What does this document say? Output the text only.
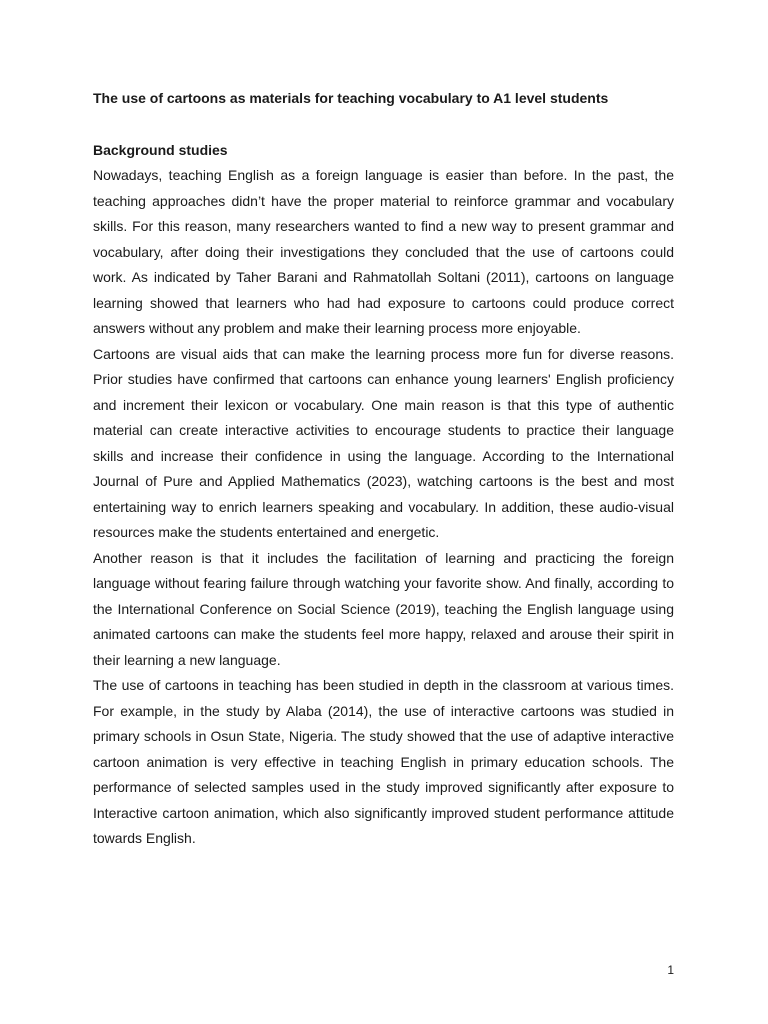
The use of cartoons as materials for teaching vocabulary to A1 level students
Background studies

Nowadays, teaching English as a foreign language is easier than before. In the past, the teaching approaches didn’t have the proper material to reinforce grammar and vocabulary skills. For this reason, many researchers wanted to find a new way to present grammar and vocabulary, after doing their investigations they concluded that the use of cartoons could work. As indicated by Taher Barani and Rahmatollah Soltani (2011), cartoons on language learning showed that learners who had had exposure to cartoons could produce correct answers without any problem and make their learning process more enjoyable.

Cartoons are visual aids that can make the learning process more fun for diverse reasons. Prior studies have confirmed that cartoons can enhance young learners' English proficiency and increment their lexicon or vocabulary. One main reason is that this type of authentic material can create interactive activities to encourage students to practice their language skills and increase their confidence in using the language. According to the International Journal of Pure and Applied Mathematics (2023), watching cartoons is the best and most entertaining way to enrich learners speaking and vocabulary. In addition, these audio-visual resources make the students entertained and energetic.

Another reason is that it includes the facilitation of learning and practicing the foreign language without fearing failure through watching your favorite show. And finally, according to the International Conference on Social Science (2019), teaching the English language using animated cartoons can make the students feel more happy, relaxed and arouse their spirit in their learning a new language.

The use of cartoons in teaching has been studied in depth in the classroom at various times. For example, in the study by Alaba (2014), the use of interactive cartoons was studied in primary schools in Osun State, Nigeria. The study showed that the use of adaptive interactive cartoon animation is very effective in teaching English in primary education schools. The performance of selected samples used in the study improved significantly after exposure to Interactive cartoon animation, which also significantly improved student performance attitude towards English.

1
